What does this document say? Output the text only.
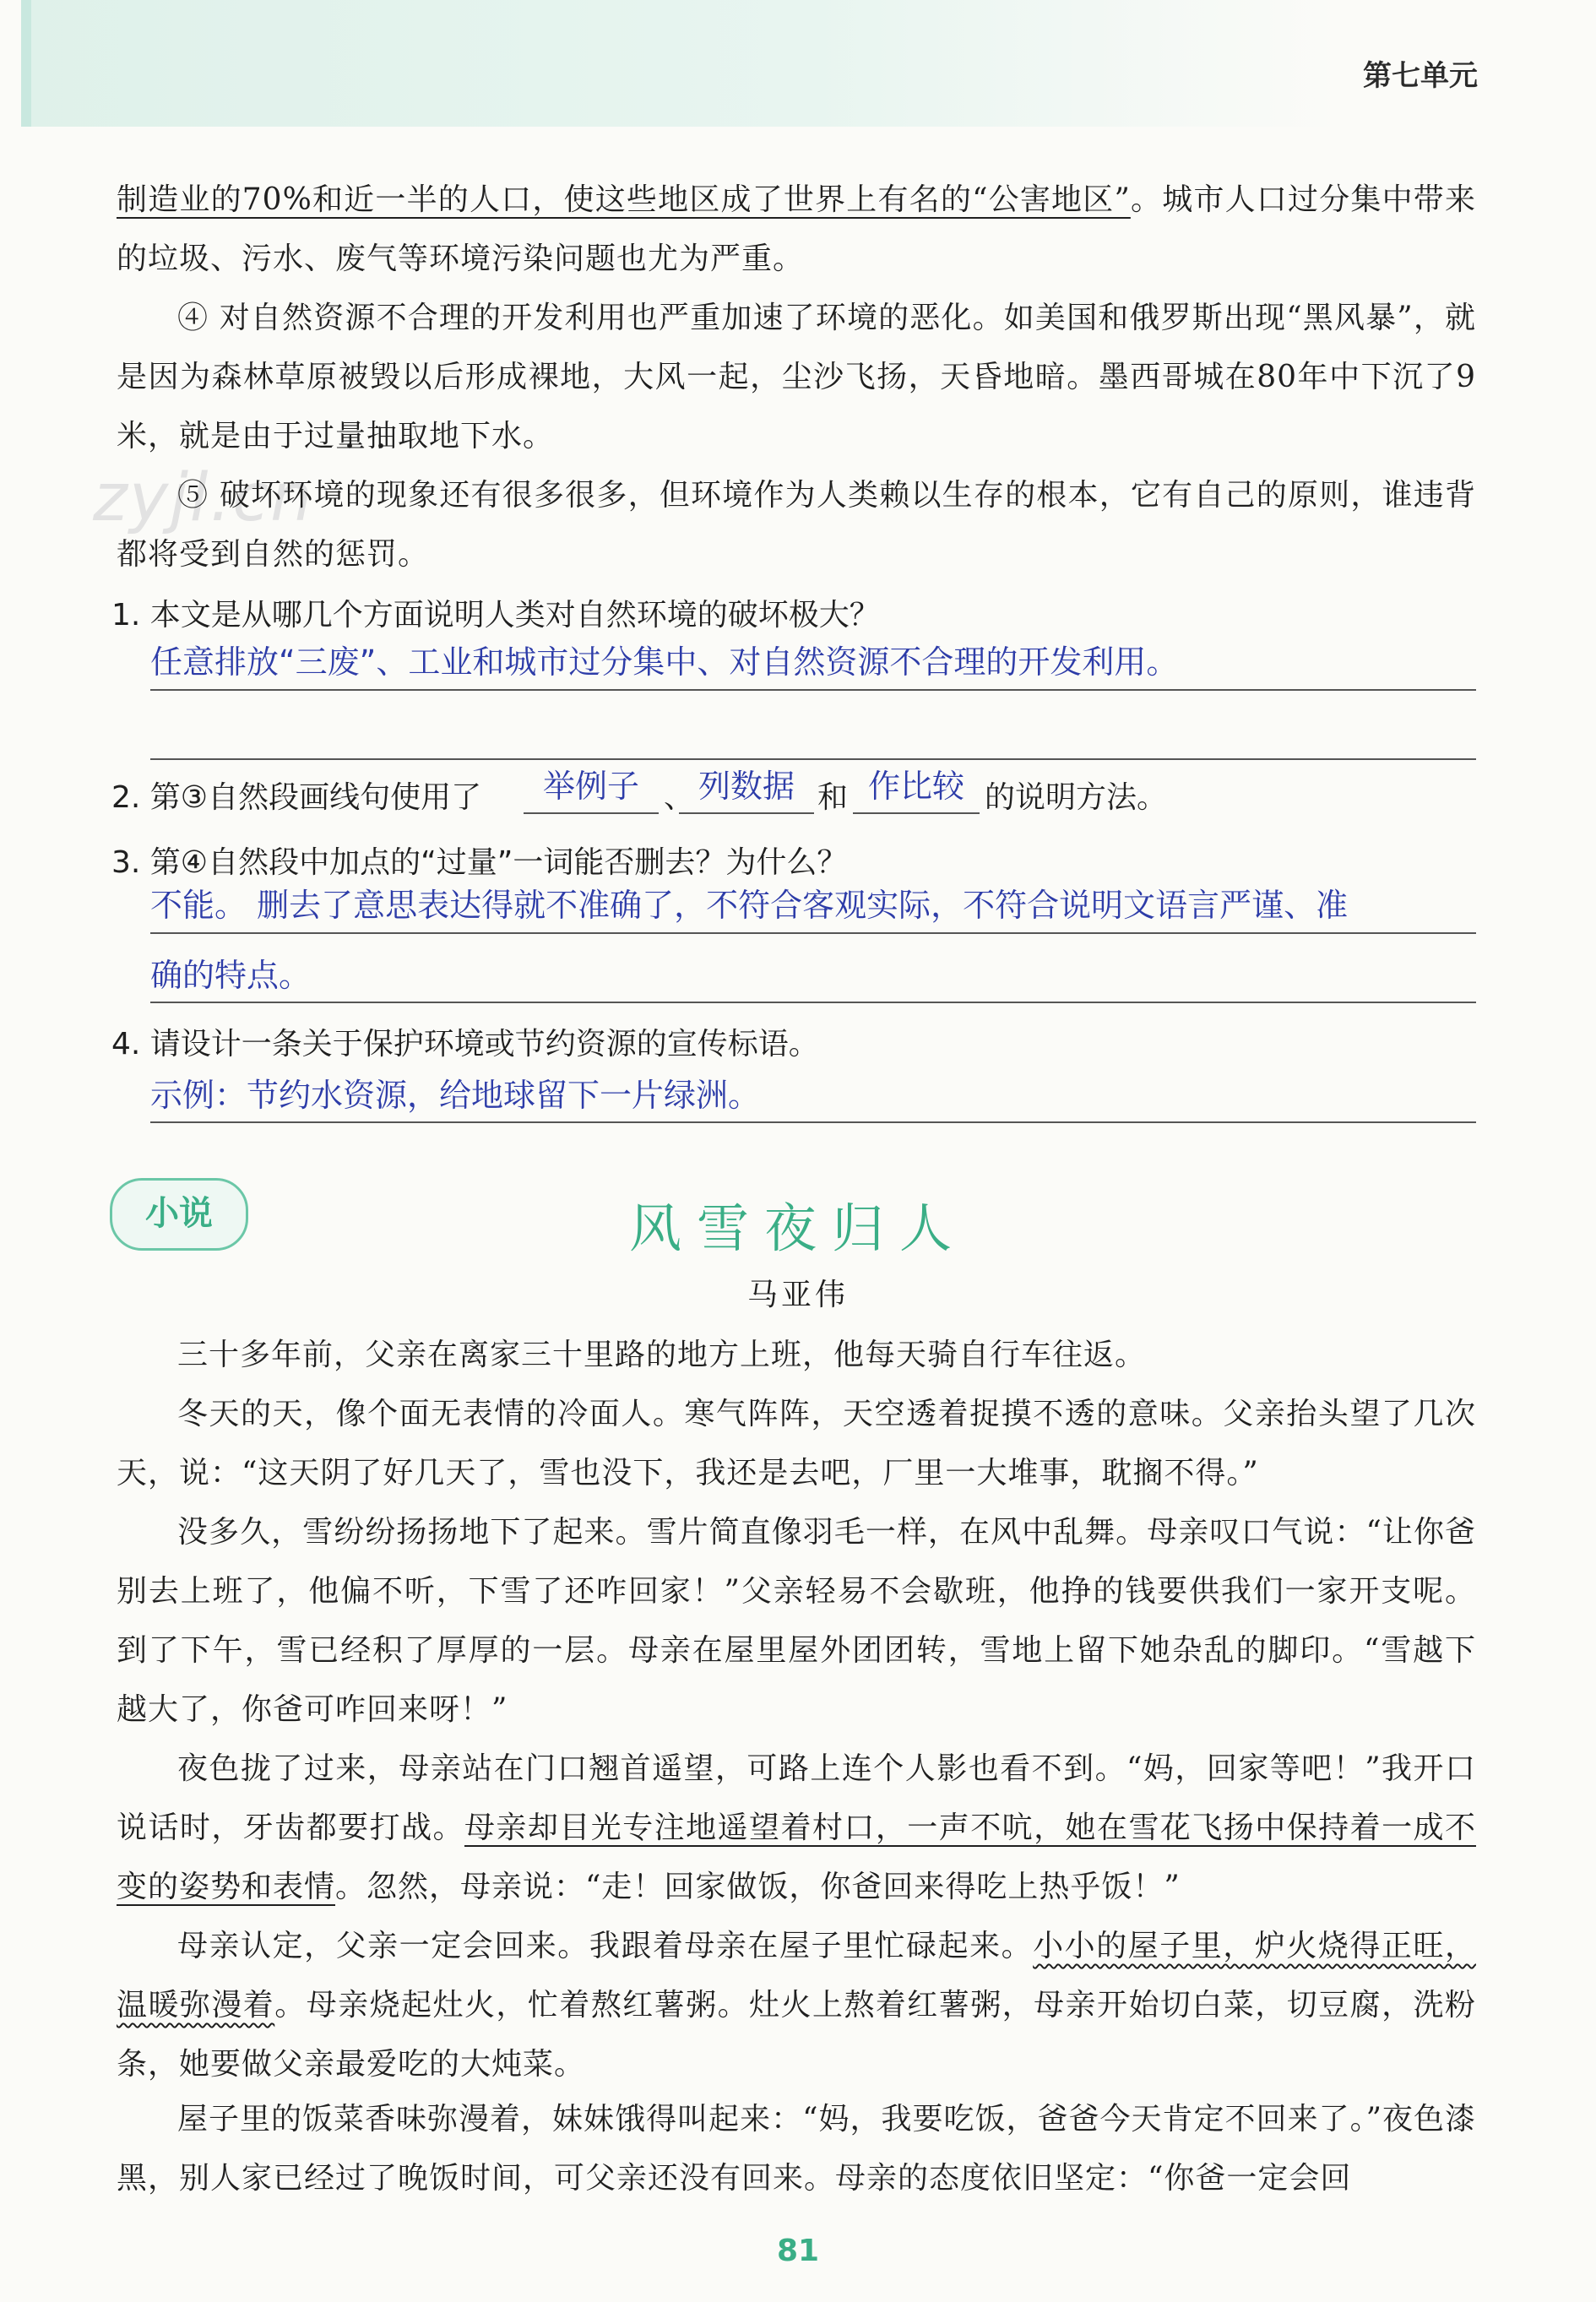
第七单元
zyjl.cn

制造业的70%和近一半的人口，使这些地区成了世界上有名的“公害地区”。城市人口过分集中带来的垃圾、污水、废气等环境污染问题也尤为严重。

④ 对自然资源不合理的开发利用也严重加速了环境的恶化。如美国和俄罗斯出现“黑风暴”，就是因为森林草原被毁以后形成裸地，大风一起，尘沙飞扬，天昏地暗。墨西哥城在80年中下沉了9米，就是由于过量抽取地下水。

⑤ 破坏环境的现象还有很多很多，但环境作为人类赖以生存的根本，它有自己的原则，谁违背都将受到自然的惩罚。

1. 本文是从哪几个方面说明人类对自然环境的破坏极大？
任意排放“三废”、工业和城市过分集中、对自然资源不合理的开发利用。
2. 第③自然段画线句使用了	举例子 、 列数据 和 作比较 的说明方法。
3. 第④自然段中加点的“过量”一词能否删去？为什么？
不能。 删去了意思表达得就不准确了，不符合客观实际，不符合说明文语言严谨、准
确的特点。
4. 请设计一条关于保护环境或节约资源的宣传标语。
示例：节约水资源，给地球留下一片绿洲。
小说	风雪夜归人
马亚伟

三十多年前，父亲在离家三十里路的地方上班，他每天骑自行车往返。

冬天的天，像个面无表情的冷面人。寒气阵阵，天空透着捉摸不透的意味。父亲抬头望了几次天，说：“这天阴了好几天了，雪也没下，我还是去吧，厂里一大堆事，耽搁不得。”

没多久，雪纷纷扬扬地下了起来。雪片简直像羽毛一样，在风中乱舞。母亲叹口气说：“让你爸别去上班了，他偏不听，下雪了还咋回家！”父亲轻易不会歇班，他挣的钱要供我们一家开支呢。到了下午，雪已经积了厚厚的一层。母亲在屋里屋外团团转，雪地上留下她杂乱的脚印。“雪越下越大了，你爸可咋回来呀！”

夜色拢了过来，母亲站在门口翘首遥望，可路上连个人影也看不到。“妈，回家等吧！”我开口说话时，牙齿都要打战。母亲却目光专注地遥望着村口，一声不吭，她在雪花飞扬中保持着一成不变的姿势和表情。忽然，母亲说：“走！回家做饭，你爸回来得吃上热乎饭！”

母亲认定，父亲一定会回来。我跟着母亲在屋子里忙碌起来。小小的屋子里，炉火烧得正旺，温暖弥漫着。母亲烧起灶火，忙着熬红薯粥。灶火上熬着红薯粥，母亲开始切白菜，切豆腐，洗粉条，她要做父亲最爱吃的大炖菜。

屋子里的饭菜香味弥漫着，妹妹饿得叫起来：“妈，我要吃饭，爸爸今天肯定不回来了。”夜色漆黑，别人家已经过了晚饭时间，可父亲还没有回来。母亲的态度依旧坚定：“你爸一定会回

81
